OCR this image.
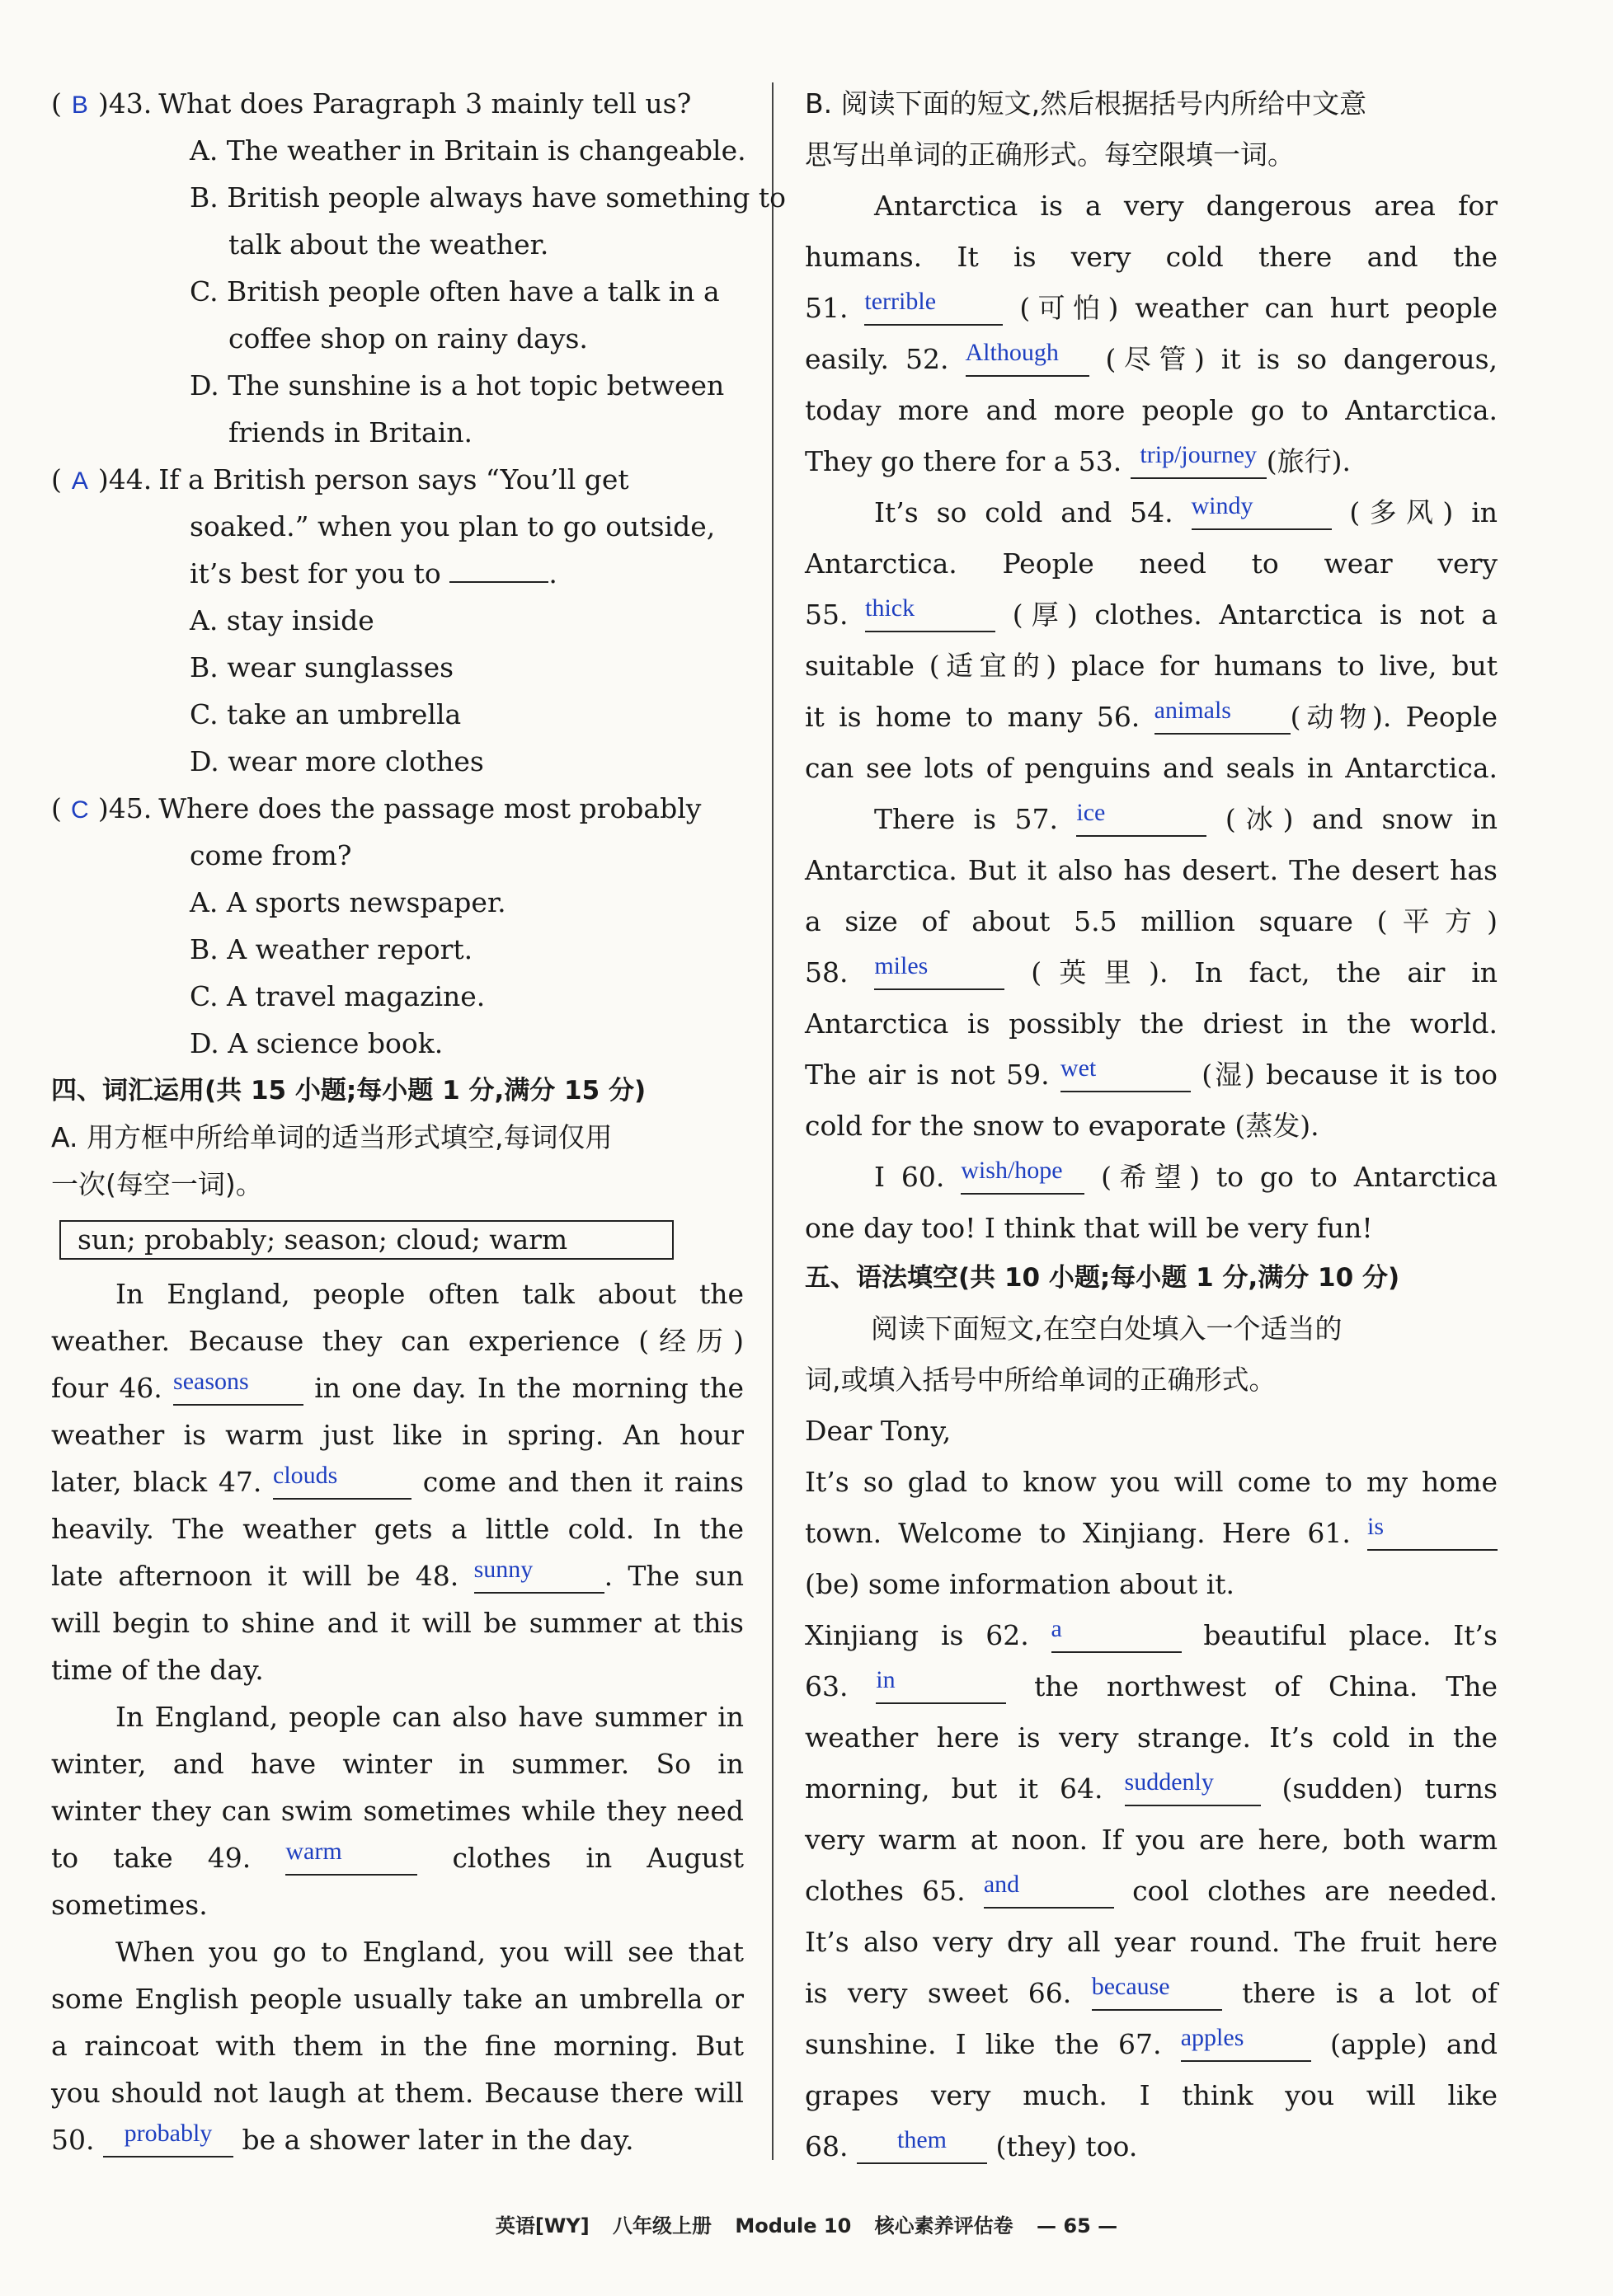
( B )43. What does Paragraph 3 mainly tell us?
A. The weather in Britain is changeable.
B. British people always have something to
talk about the weather.
C. British people often have a talk in a
coffee shop on rainy days.
D. The sunshine is a hot topic between
friends in Britain.
( A )44. If a British person says “You’ll get
soaked.” when you plan to go outside,
it’s best for you to	.
A. stay inside
B. wear sunglasses
C. take an umbrella
D. wear more clothes
( C )45. Where does the passage most probably
come from?
A. A sports newspaper.
B. A weather report.
C. A travel magazine.
D. A science book.
四、词汇运用(共 15 小题;每小题 1 分,满分 15 分)
A. 用方框中所给单词的适当形式填空,每词仅用
一次(每空一词)。
sun; probably; season; cloud; warm
In England, people often talk about the
weather. Because they can experience (经历)
four 46. seasons in one day. In the morning the
weather is warm just like in spring. An hour
later, black 47. clouds	come and then it rains
heavily. The weather gets a little cold. In the
late afternoon it will be 48. sunny	. The sun
will begin to shine and it will be summer at this
time of the day.
In England, people can also have summer in
winter, and have winter in summer. So in
winter they can swim sometimes while they need
to take 49. warm	clothes in August
sometimes.
When you go to England, you will see that
some English people usually take an umbrella or
a raincoat with them in the fine morning. But
you should not laugh at them. Because there will
50. probably be a shower later in the day.
B. 阅读下面的短文,然后根据括号内所给中文意
思写出单词的正确形式。每空限填一词。
Antarctica is a very dangerous area for
humans. It is very cold there and the
51. terrible	(可怕) weather can hurt people
easily. 52. Although (尽管) it is so dangerous,
today more and more people go to Antarctica.
They go there for a 53. trip/journey (旅行).
It’s so cold and 54. windy	(多风) in
Antarctica. People need to wear very
55. thick	(厚) clothes. Antarctica is not a
suitable (适宜的) place for humans to live, but
it is home to many 56. animals (动物). People
can see lots of penguins and seals in Antarctica.
There is 57. ice	(冰) and snow in
Antarctica. But it also has desert. The desert has
a size of about 5.5 million square (平方)
58. miles	(英里). In fact, the air in
Antarctica is possibly the driest in the world.
The air is not 59. wet	(湿) because it is too
cold for the snow to evaporate (蒸发).
I 60. wish/hope (希望) to go to Antarctica
one day too! I think that will be very fun!
五、语法填空(共 10 小题;每小题 1 分,满分 10 分)
阅读下面短文,在空白处填入一个适当的
词,或填入括号中所给单词的正确形式。
Dear Tony,
It’s so glad to know you will come to my home
town. Welcome to Xinjiang. Here 61. is
(be) some information about it.
Xinjiang is 62. a	beautiful place. It’s
63. in	the northwest of China. The
weather here is very strange. It’s cold in the
morning, but it 64. suddenly	(sudden) turns
very warm at noon. If you are here, both warm
clothes 65. and	cool clothes are needed.
It’s also very dry all year round. The fruit here
is very sweet 66. because	there is a lot of
sunshine. I like the 67. apples	(apple) and
grapes very much. I think you will like
68. them (they) too.
英语[WY] 八年级上册 Module 10 核心素养评估卷 — 65 —
